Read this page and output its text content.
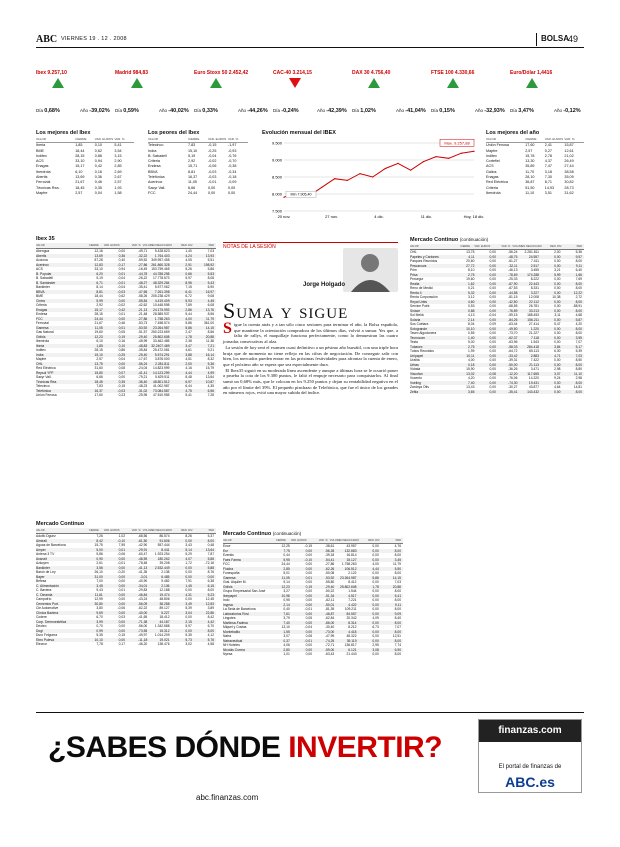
ABC VIERNES 19 . 12 . 2008	BOLSA 49
Ibex 9.257,10
Día 0,68%	Año -39,02%
Madrid 984,83
Día 0,59%	Año -40,02%
Euro Stoxx 50 2.452,42
Día 0,33%	Año -44,26%
CAC-40 3.214,15
Día -0,24%	Año -42,39%
DAX 30 4.756,40
Día 1,02%	Año -41,04%
FTSE 100 4.330,66
Día 0,15%	Año -32,93%
Euro/Dólar 1,4416
Día 3,47%	Año -0,12%
Los mejores del Ibex
VALOR	CIERRE	VAR. EUROS VAR. %
Iberia	1,85	0,10	5,41
BME	18,44	0,62	3,54
Inditex	28,15	0,86	3,15
ACS	33,10	0,94	2,90
Enagas	15,17	0,42	2,85
Iberdrola	6,10	0,16	2,69
Abertis	13,69	0,36	2,67
Ferrovial	21,67	0,46	2,57
Técnicas Rea.	18,45	0,35	1,93
Mapfre	2,57	0,04	1,58
Los peores del Ibex
VALOR	CIERRE	VAR. EUROS VAR. %
Telecinco	7,83	-0,15	-1,97
Indra	15,10	-0,25	-0,93
B. Sabadell	5,19	-0,04	-0,76
Criteria	2,92	-0,02	-0,70
Endesa	15,71	-0,06	-0,38
BBVA	8,81	-0,03	-0,34
Telefónica	16,37	-0,03	-0,18
Acerinox	11,05	-0,01	-0,09
Sacyr Vall.	6,66	0,00	0,00
FCC	24,44	0,00	0,00
Los mejores del año
VALOR	CIERRE	VAR. EUROS VAR. %
Unión Fenosa	17,60	2,41	15,87
Mapfre	2,57	0,27	12,61
Inditex	15,78	2,78	21,02
Cortefiel	13,30	4,37	26,49
ACS	35,89	7,47	27,44
Gallos	11,70	3,18	38,58
Enagas	28,10	7,30	35,09
Red Eléctrica	36,87	8,71	30,82
Criteria	51,50	14,93	28,73
Iberdrola	11,10	3,51	31,62
Evolución mensual del IBEX
7.500
8.000
8.500
9.000
9.500
20 nov.	27 nov.	4 dic.	11 dic.	Hoy, 18 dic.
Max. 9.257,88
Mín 7.905,40
Ibex 35
VALOR	CIERRE	VAR. EUROS	VAR. % VOLUMEN NEGOCIADO	REN. DIV.	PER
Abengoa	12,16	0,00	-49,71	5.428.623	1,40	7,03
Abertis	13,69	0,36	-32,22	1.764.403	4,24	13,93
Acciona	87,28	0,40	-59,52	349.957.455	4,05	5,51
Acerinox	12,83	-0,17	-27,86	261.860.328	2,91	198,92
ACS	33,10	0,94	-16,49	153.759.465	5,26	5,86
B. Popular	6,20	0,01	-44,78	44.788.298	0,66	5,53
B. Sabadell	5,19	-0,04	-26,22	17.778.573	5,97	8,08
B. Santander	6,71	-0,01	-48,27	48.329.284	8,96	5,43
Bankinter	8,14	-0,04	-35,41	5.577.062	7,15	6,90
BBVA	8,81	-0,03	-47,65	7.261.398	6,41	16,97
BME	18,44	0,62	-58,26	205.238.429	6,72	9,08
Cintra	5,99	0,00	-55,84	4.419.409	5,93	4,45
Criteria	2,92	-0,02	-42,62	10.448.598	7,89	6,08
Enagas	15,17	0,42	-21,13	24.175.993	2,86	13,76
Endesa	28,15	0,01	-21,48	28.585.937	5,44	8,56
FCC	24,44	0,00	-27,86	1.758.263	4,00	11,79
Ferrovial	21,67	0,46	-53,73	7.458.574	5,86	361,00
Gamesa	11,05	0,01	-53,92	23.264.987	5,86	14,15
Gas Natural	19,60	0,05	-51,57	250.223.659	2,47	8,56
Grifols	12,23	0,19	-29,40	25.802.608	1,78	20,88
Iberdrola	6,10	0,16	-45,99	33.462.485	2,38	11,38
Iberia	1,85	0,10	-48,83	32.2407.489	3,47	7,21
Inditex	28,15	0,86	-35,84	25.472.081	4,61	9,21
Indra	15,10	-0,25	-25,40	5.574.291	3,88	16,14
Mapfre	2,57	0,04	-17,67	3.876.000	4,51	8,32
OHL	13,75	0,00	-56,24	2.281.811	2,00	5,36
Red Eléctrica	31,60	0,08	-24,04	14.823.999	4,16	15,79
Repsol YPF	15,80	0,07	-41,41	14.123.299	4,44	4,99
Sacyr Vall.	6,66	0,00	-79,21	5.629.511	8,48	13,64
Técnicas Rea.	18,45	0,35	-36,40	48.801.512	6,97	10,87
Telecinco	7,83	-0,15	-48,23	41.002.987	6,44	4,35
Telefónica	16,37	-0,03	-31,02	73.084.587	4,75	6,56
Unión Fenosa	17,60	0,23	-25,95	47.510.955	5,41	7,28
Mercado Continuo
VALOR	CIERRE	VAR. EUROS	VAR. % VOLUMEN NEGOCIADO	REN. DIV.	PER
Adolfo Dguez	7,26	1,02	-68,56	86.574	8,26	5,37
Almirall	8,42	-0,10	-61,50	91.606	0,00	8,00
Aguas de Barcelona	15,75	7,95	-42,90	557.444	3,43	0,48
Amper	5,00	0,01	-29,91	8.441	5,14	13,64
Antena 3 TV	5,86	-0,06	-60,47	1.923.254	5,29	7,87
Avanzit	0,90	0,00	-48,59	180.262	4,07	5,86
Azkoyen	2,61	-0,01	-78,48	39.208	1,72	-72,16
Bankinter	3,56	0,00	-41,13	2.532.449	0,00	5,88
Barón de Ley	26,10	-0,20	-41,35	2.138	0,00	8,76
Bayer	31,00	0,00	-3,01	6.485	0,00	0,00
Befesa	7,00	0,00	-40,90	9.482	7,91	6,38
C. Alimentación	3,45	0,00	-34,01	2.136	1,45	6,15
C. Baviera	9,43	0,01	-29,83	12.188	0,00	8,00
C. Dinamia	11,61	0,00	-46,84	19.474	4,31	5,23
Campofrío	12,99	0,00	-43,24	48.806	0,00	12,45
Cementos Port.	30,80	0,00	-56,09	38.288	3,49	12,83
Cie Automotive	3,80	-0,06	-62,22	89.127	5,39	3,89
Clínica Baviera	9,69	0,00	-40,00	5.227	3,04	22,86
Codere	6,70	0,03	-41,65	18.412	0,00	8,42
Corp. Dermoestética	3,99	0,00	-71,38	44.187	2,15	4,42
Deoleo	0,70	0,00	-56,00	1.342.588	5,97	6,70
Dogi	0,99	0,00	-73,55	15.312	0,00	8,00
Duro Felguera	5,35	0,15	-49,97	1.014.209	5,35	4,12
Ebro Puleva	10,10	0,00	-11,18	19.021	5,73	5,76
Elecnor	7,78	0,17	-46,20	138.476	3,02	4,58
Mercado Continuo (continuación)
VALOR	CIERRE	VAR. EUROS	VAR. % VOLUMEN NEGOCIADO	REN. DIV.	PER
Ence	12,25	-0,15	-38,61	43.957	0,00	4,76
Erz	7,75	0,00	-56,28	132.883	0,00	8,00
Ezentis	0,44	0,00	-39,18	16.814	0,00	8,00
Faes Farma	5,95	-0,10	-54,41	15.127	0,00	3,45
FCC	24,44	0,00	-27,86	1.758.263	4,00	11,79
Fluidra	2,85	0,00	-62,26	106.512	4,44	5,50
Funespaña	5,01	0,00	-50,08	2.122	0,00	8,00
Gamesa	11,05	0,01	-53,92	23.264.987	5,86	14,15
Gral. Alquiler M.	9,14	0,00	-55,80	8.412	0,00	7,03
Grifols	12,23	0,19	-29,40	25.802.608	1,78	20,88
Grupo Empresarial San José	3,27	0,00	-50,22	1.544	0,00	8,00
Iberpapel	10,98	0,00	-51,34	4.517	0,00	5,41
Indo	0,95	0,00	-62,11	7.221	0,00	8,00
Inypsa	2,14	0,00	-50,01	4.422	0,00	9,11
La Seda de Barcelona	0,40	-0,01	-81,39	109.211	0,00	8,00
Laboratorios Rovi	7,61	0,00	-46,87	84.557	0,00	9,09
Lingotes	3,79	0,05	-62,84	20.342	4,09	8,40
Martinsa-Fadesa	7,40	0,00	-86,00	8.314	0,00	8,00
Miquel y Costas	13,10	-0,04	-30,40	8.212	6,73	7,07
Montebalito	1,55	0,00	-73,00	4.418	0,00	8,00
Natra	3,07	0,08	-47,99	48.322	0,00	12,51
Natraceutical	0,37	-0,01	-74,25	39.119	0,00	8,00
NH Hoteles	4,06	0,00	-72,71	136.817	2,95	7,74
Nicolás Correa	2,80	0,00	-59,00	6.121	3,08	6,90
Nyesa	1,01	0,00	-63,43	21.443	0,00	8,00
Mercado Continuo (continuación)
VALOR	CIERRE	VAR. EUROS	VAR. % VOLUMEN NEGOCIADO	REN. DIV.	PER
OHL	13,75	0,00	-56,24	2.281.811	2,00	5,36
Papeles y Cartones	4,11	0,00	-48,75	24.557	0,00	9,57
Parques Reunidos	20,60	0,00	-61,27	7.411	0,00	8,00
Pescanova	27,72	0,00	-32,11	2.517	0,00	9,11
Prim	8,10	0,00	-46,13	3.455	3,21	6,40
Prisa	2,75	0,00	-78,69	174.288	5,99	1,66
Prosegur	19,60	0,00	-25,33	8.222	0,00	7,69
Realia	1,62	0,00	-67,90	22.443	0,00	8,00
Reno de Medici	0,21	0,00	-67,53	8.331	0,00	8,00
Renta 4	5,32	0,00	-44,58	3.227	0,00	12,22
Renta Corporación	3,12	0,00	-81,15	12.008	10,38	2,72
Reyal Urbis	4,60	0,00	-42,50	22.112	0,00	8,00
Service Point	0,53	0,00	-68,55	26.781	0,00	-58,91
Sniace	0,88	0,00	-76,89	33.213	0,00	8,00
Sol Meliá	4,13	-0,04	-59,15	188.453	3,11	4,68
Solaria	2,14	0,00	-84,26	156.211	0,00	5,87
Sos Cuétara	8,04	0,09	-63,44	27.414	5,47	4,20
Sotogrande	10,10	0,00	-49,50	1.220	0,00	8,00
Tavex Algodonera	0,55	0,00	-73,70	21.227	0,00	8,00
Tecnocom	1,40	0,00	-62,37	7.118	0,00	3,95
Testa	5,00	0,00	-63,96	1.543	0,00	7,07
Tubacex	2,75	0,00	-58,03	284.418	3,84	5,17
Tubos Reunidos	1,99	0,00	-64,72	65.113	6,30	5,39
Unipapel	10,11	0,00	-33,42	2.883	4,71	7,03
Uralita	4,00	0,00	-39,31	7.422	0,00	8,50
Urbas	0,18	0,00	-50,00	21.113	0,00	8,00
Vidrala	15,90	0,00	-36,26	3.471	2,98	8,80
Viscofan	13,02	-0,08	-12,20	117.655	3,07	11,10
Vocento	4,20	0,00	-76,06	14.220	9,24	2,98
Vueling	7,40	0,00	-74,30	19.431	0,00	8,00
Zardoya Otis	13,43	0,00	-30,27	43.877	4,64	14,81
Zeltia	3,65	0,00	-35,41	143.432	0,00	8,00
NOTAS DE LA SESIÓN
Jorge Holgado
Suma y sigue

Sigue la cuenta atrás y a tan sólo cinco sesiones para terminar el año, la Bolsa española, que mantiene la orientación compradora de los últimos días, volvió a sumar. Yes que, a falta de rallys, el maquillaje funciona perfectamente, como lo demuestran las cuatro jornadas consecutivas al alza.

La sesión de hoy será el examen cuasi definitivo a un pésimo año bursátil, con una triple hora bruja que de momento no tiene reflejo en las cifras de negociación. De conseguir salir con bien, los mercados pueden entrar en las próximas festividades para afrontar la cuenta de enero, que el próximo año se espera que sea especialmente dura.

El Ibex35 siguió en su moderada línea ascendente y aunque a últimas hora se le ocurrió poner a prueba la cota de los 9.300 puntos, le faltó el empuje necesario para conquistarlos. Al final sumó un 0,68% más, que le colocan en los 9.250 puntos y dejan su rentabilidad negativa en el año por el límite del 39%. El pequeño pinchazo de Telefónica, que fue el único de los grandes en números rojos, evitó una mayor subida del índice.

¿SABES DÓNDE INVERTIR?
abc.finanzas.com
finanzas.com
El portal de finanzas de
ABC.es
